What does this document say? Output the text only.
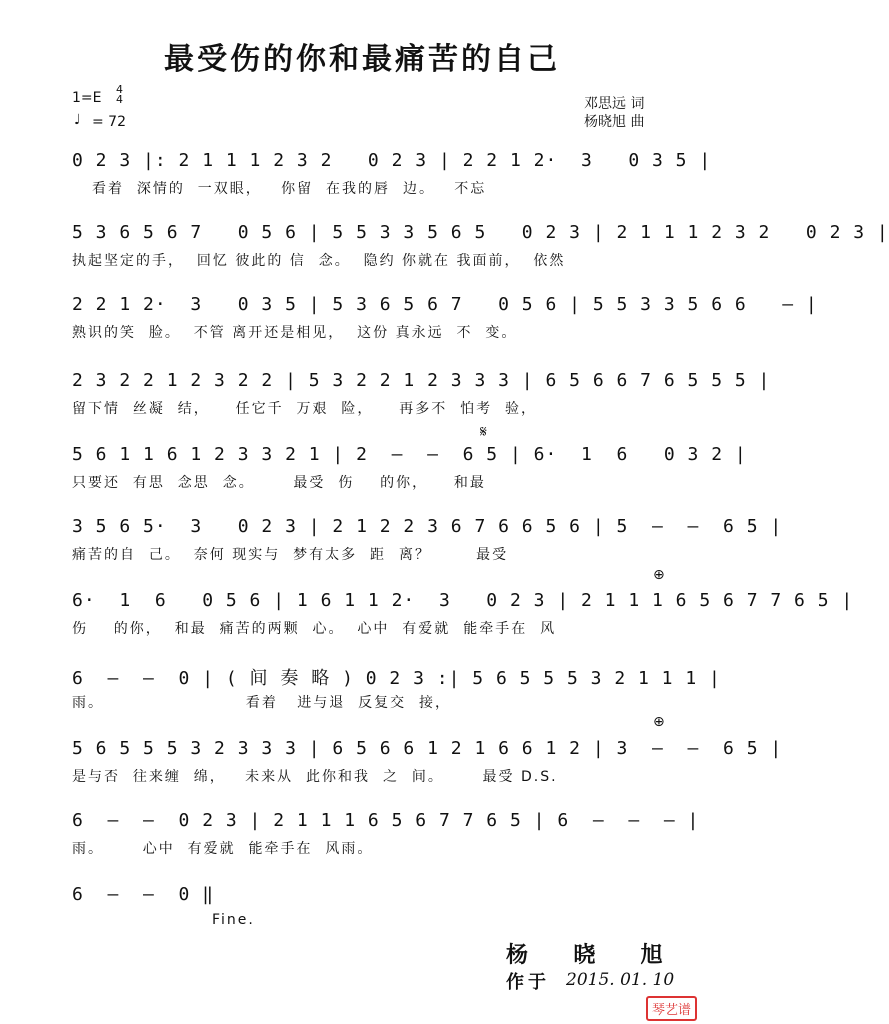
最受伤的你和最痛苦的自己
1=E
4
4
♩ = 72
邓思远 词
杨晓旭 曲
0 2 3 |: 2 1 1 1 2 3 2   0 2 3 | 2 2 1 2·  3   0 3 5 |
看着  深情的  一双眼，   你留  在我的唇  边。   不忘
5 3 6 5 6 7   0 5 6 | 5 5 3 3 5 6 5   0 2 3 | 2 1 1 1 2 3 2   0 2 3 |
执起坚定的手，  回忆 彼此的 信  念。  隐约 你就在 我面前，  依然
2 2 1 2·  3   0 3 5 | 5 3 6 5 6 7   0 5 6 | 5 5 3 3 5 6 6   — |
熟识的笑  脸。  不管 离开还是相见，  这份 真永远  不  变。
2 3 2 2 1 2 3 2 2 | 5 3 2 2 1 2 3 3 3 | 6 5 6 6 7 6 5 5 5 |
留下情  丝凝  结，    任它千  万艰  险，    再多不  怕考  验，
𝄋
5 6 1 1 6 1 2 3 3 2 1 | 2  —  —  6 5 | 6·  1  6   0 3 2 |
只要还  有思  念思  念。      最受  伤    的你，    和最
3 5 6 5·  3   0 2 3 | 2 1 2 2 3 6 7 6 6 5 6 | 5  —  —  6 5 |
痛苦的自  己。  奈何 现实与  梦有太多  距  离？       最受
⊕
6·  1  6   0 5 6 | 1 6 1 1 2·  3   0 2 3 | 2 1 1 1 6 5 6 7 7 6 5 |
伤    的你，  和最  痛苦的两颗  心。  心中  有爱就  能牵手在  风
6  —  —  0 | ( 间 奏 略 ) 0 2 3 :| 5 6 5 5 5 3 2 1 1 1 |
雨。                      看着   进与退  反复交  接，
⊕
5 6 5 5 5 3 2 3 3 3 | 6 5 6 6 1 2 1 6 6 1 2 | 3  —  —  6 5 |
是与否  往来缠  绵，   未来从  此你和我  之  间。      最受 D.S.
6  —  —  0 2 3 | 2 1 1 1 6 5 6 7 7 6 5 | 6  —  —  — |
雨。      心中  有爱就  能牵手在  风雨。
6  —  —  0 ‖
Fine.
杨  晓  旭
作于 2015. 01. 10
琴艺谱
